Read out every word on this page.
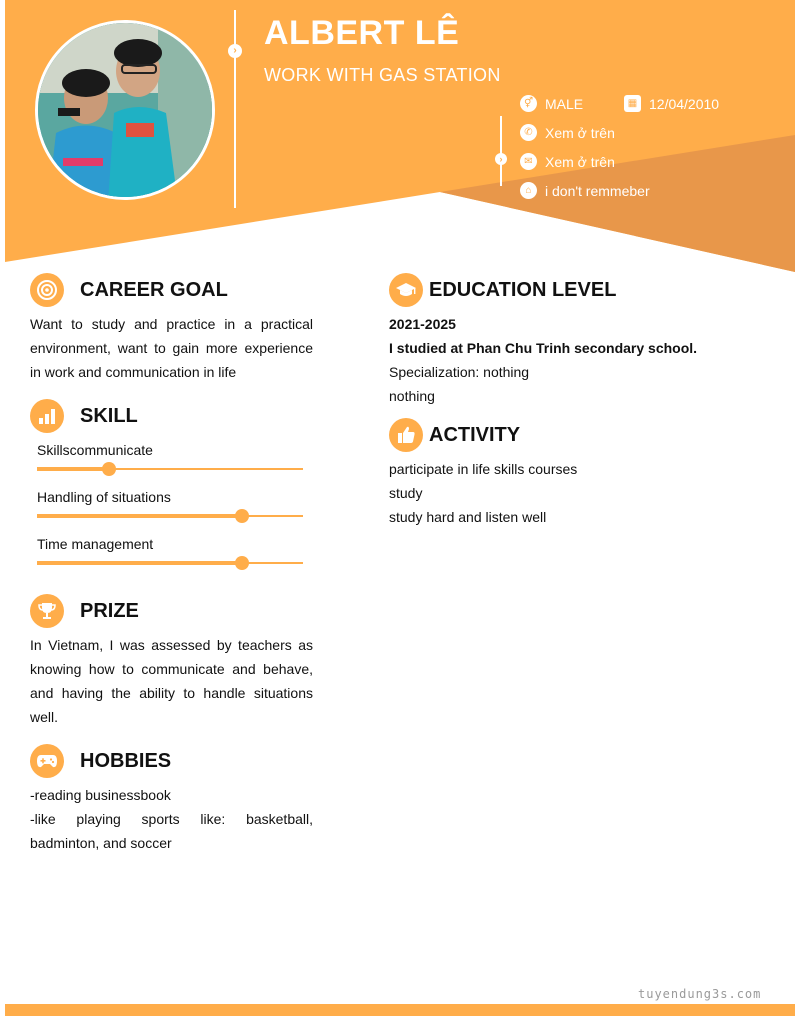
› ALBERT LÊ
WORK WITH GAS STATION
›
⚥ MALE	▦ 12/04/2010
✆ Xem ở trên
✉ Xem ở trên
⌂ i don't remmeber
CAREER GOAL
Want to study and practice in a practical environment, want to gain more experience in work and communication in life
SKILL
Skillscommunicate
Handling of situations
Time management
PRIZE
In Vietnam, I was assessed by teachers as knowing how to communicate and behave, and having the ability to handle situations well.
HOBBIES
-reading businessbook
-like playing sports like: basketball, badminton, and soccer
EDUCATION LEVEL
2021-2025
I studied at Phan Chu Trinh secondary school.
Specialization: nothing
nothing
ACTIVITY
participate in life skills courses
study
study hard and listen well
tuyendung3s.com
